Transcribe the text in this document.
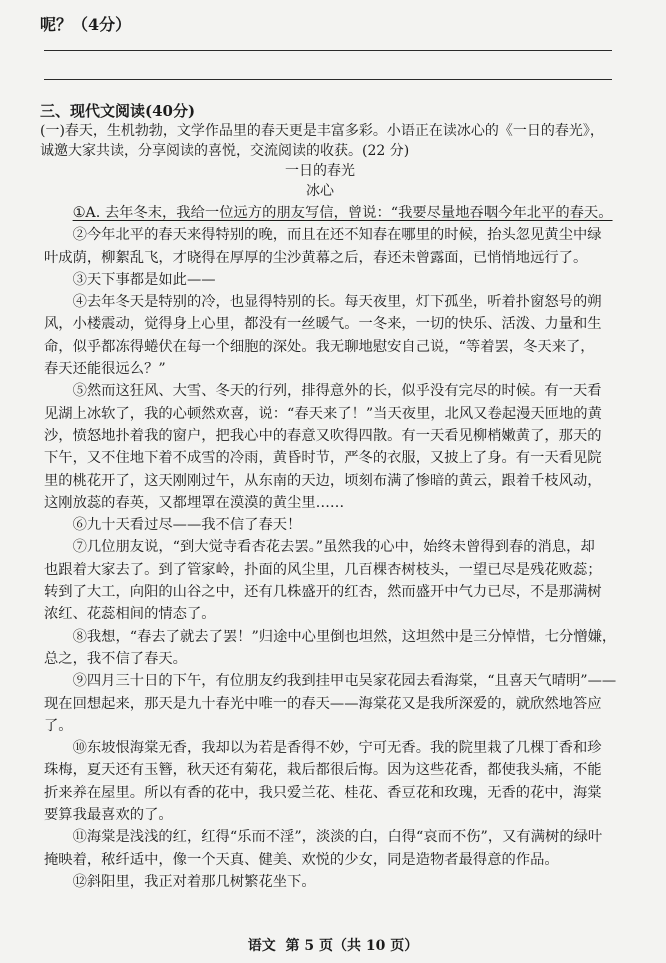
呢？（4分）
三、现代文阅读(40分)
(一)春天，生机勃勃，文学作品里的春天更是丰富多彩。小语正在读冰心的《一日的春光》，
诚邀大家共读，分享阅读的喜悦，交流阅读的收获。(22 分)
一日的春光
冰心
①A. 去年冬末，我给一位远方的朋友写信，曾说：“我要尽量地吞咽今年北平的春天。
②今年北平的春天来得特别的晚，而且在还不知春在哪里的时候，抬头忽见黄尘中绿
叶成荫，柳絮乱飞，才晓得在厚厚的尘沙黄幕之后，春还未曾露面，已悄悄地远行了。
③天下事都是如此——
④去年冬天是特别的冷，也显得特别的长。每天夜里，灯下孤坐，听着扑窗怒号的朔
风，小楼震动，觉得身上心里，都没有一丝暖气。一冬来，一切的快乐、活泼、力量和生
命，似乎都冻得蜷伏在每一个细胞的深处。我无聊地慰安自己说，“等着罢，冬天来了，
春天还能很远么？”
⑤然而这狂风、大雪、冬天的行列，排得意外的长，似乎没有完尽的时候。有一天看
见湖上冰软了，我的心顿然欢喜，说：“春天来了！”当天夜里，北风又卷起漫天匝地的黄
沙，愤怒地扑着我的窗户，把我心中的春意又吹得四散。有一天看见柳梢嫩黄了，那天的
下午，又不住地下着不成雪的冷雨，黄昏时节，严冬的衣服，又披上了身。有一天看见院
里的桃花开了，这天刚刚过午，从东南的天边，顷刻布满了惨暗的黄云，跟着千枝风动，
这刚放蕊的春英，又都埋罩在漠漠的黄尘里……
⑥九十天看过尽——我不信了春天！
⑦几位朋友说，“到大觉寺看杏花去罢。”虽然我的心中，始终未曾得到春的消息，却
也跟着大家去了。到了管家岭，扑面的风尘里，几百棵杏树枝头，一望已尽是残花败蕊；
转到了大工，向阳的山谷之中，还有几株盛开的红杏，然而盛开中气力已尽，不是那满树
浓红、花蕊相间的情态了。
⑧我想，“春去了就去了罢！”归途中心里倒也坦然，这坦然中是三分悼惜，七分憎嫌，
总之，我不信了春天。
⑨四月三十日的下午，有位朋友约我到挂甲屯吴家花园去看海棠，“且喜天气晴明”——
现在回想起来，那天是九十春光中唯一的春天——海棠花又是我所深爱的，就欣然地答应
了。
⑩东坡恨海棠无香，我却以为若是香得不妙，宁可无香。我的院里栽了几棵丁香和珍
珠梅，夏天还有玉簪，秋天还有菊花，栽后都很后悔。因为这些花香，都使我头痛，不能
折来养在屋里。所以有香的花中，我只爱兰花、桂花、香豆花和玫瑰，无香的花中，海棠
要算我最喜欢的了。
⑪海棠是浅浅的红，红得“乐而不淫”，淡淡的白，白得“哀而不伤”，又有满树的绿叶
掩映着，秾纤适中，像一个天真、健美、欢悦的少女，同是造物者最得意的作品。
⑫斜阳里，我正对着那几树繁花坐下。
语文  第 5 页（共 10 页）
